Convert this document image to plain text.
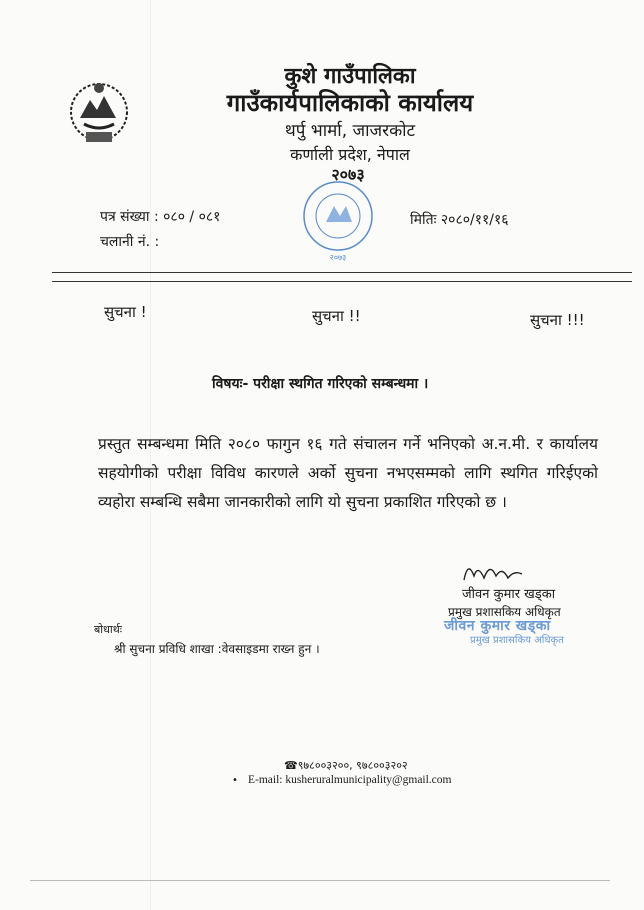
कुशे गाउँपालिका
गाउँकार्यपालिकाको कार्यालय
थर्पु भार्मा, जाजरकोट
कर्णाली प्रदेश, नेपाल
२०७३
पत्र संख्या : ०८० / ०८१
चलानी नं. :
मितिः २०८०/११/१६
२०७३
सुचना !	सुचना !!	सुचना !!!
विषयः- परीक्षा स्थगित गरिएको सम्बन्धमा ।
प्रस्तुत सम्बन्धमा मिति २०८० फागुन १६ गते संचालन गर्ने भनिएको अ.न.मी. र कार्यालय सहयोगीको परीक्षा विविध कारणले अर्को सुचना नभएसम्मको लागि स्थगित गरिईएको व्यहोरा सम्बन्धि सबैमा जानकारीको लागि यो सुचना प्रकाशित गरिएको छ ।
जीवन कुमार खड्का
प्रमुख प्रशासकिय अधिकृत
जीवन कुमार खड्का
प्रमुख प्रशासकिय अधिकृत
बोधार्थः
श्री सुचना प्रविधि शाखा :वेवसाइडमा राख्न हुन ।
☎९७८००३२००, ९७८००३२०२
• E-mail: kusheruralmunicipality@gmail.com
